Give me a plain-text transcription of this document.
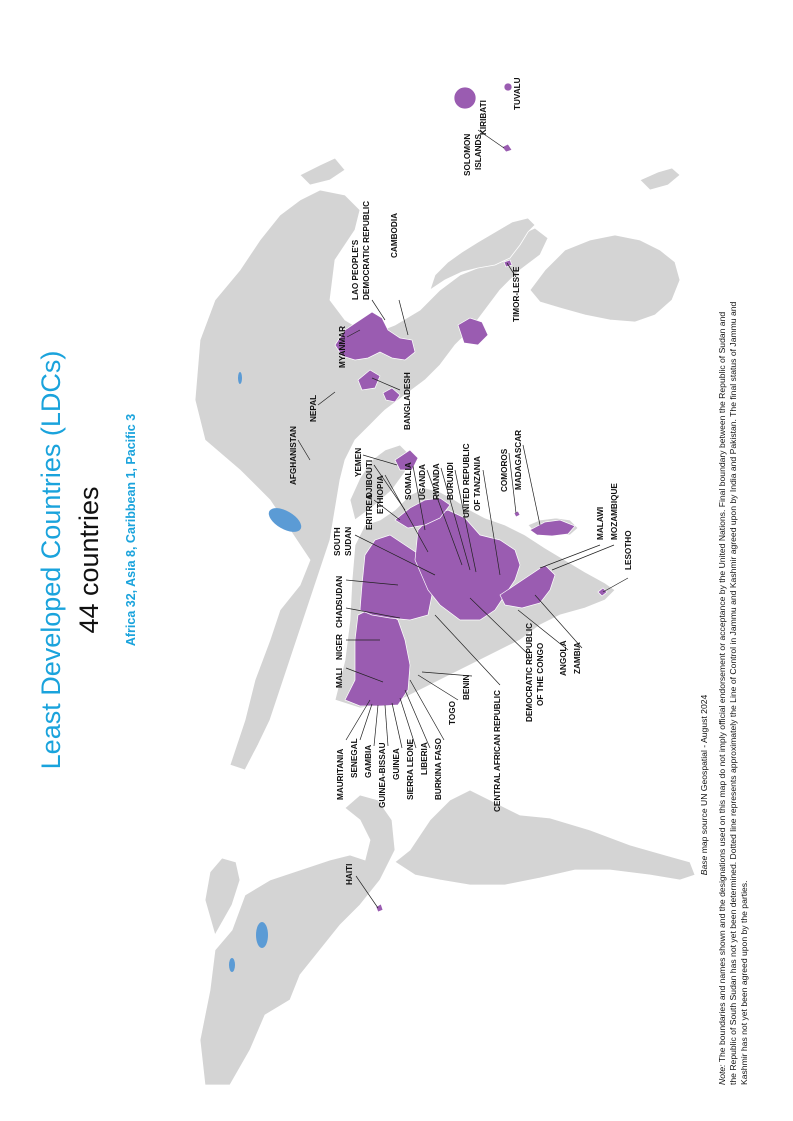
Least Developed Countries (LDCs) 44 countries Africa 32, Asia 8, Caribbean 1, Pacific 3
HAITI
MAURITANIA SENEGAL GAMBIA GUINEA-BISSAU GUINEA SIERRA LEONE LIBERIA BURKINA FASO
TOGO
BENIN
MALI
NIGER
CHAD
SUDAN
CENTRAL AFRICAN REPUBLIC
DEMOCRATIC REPUBLIC OF THE CONGO ANGOLA ZAMBIA
SOUTH SUDAN
ERITREA ETHIOPIA
DJIBOUTI
YEMEN	SOMALIA UGANDA RWANDA BURUNDI UNITED REPUBLIC OF TANZANIA COMOROS MADAGASCAR
MALAWI MOZAMBIQUE
LESOTHO
AFGHANISTAN
NEPAL	BANGLADESH
MYANMAR
LAO PEOPLE'S DEMOCRATIC REPUBLIC CAMBODIA
TIMOR-LESTE
SOLOMON ISLANDS
KIRIBATI
TUVALU
Base map source UN Geospatial - August 2024
Note: The boundaries and names shown and the designations used on this map do not imply official endorsement or acceptance by the United Nations. Final boundary between the Republic of Sudan and the Republic of South Sudan has not yet been determined. Dotted line represents approximately the Line of Control in Jammu and Kashmir agreed upon by India and Pakistan. The final status of Jammu and Kashmir has not yet been agreed upon by the parties.
